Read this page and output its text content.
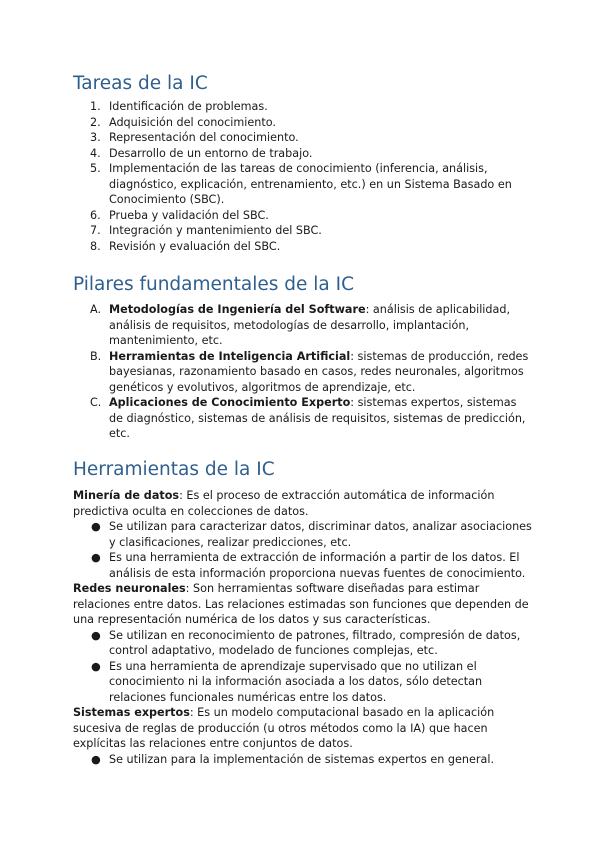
Tareas de la IC
1. Identificación de problemas.
2. Adquisición del conocimiento.
3. Representación del conocimiento.
4. Desarrollo de un entorno de trabajo.
5. Implementación de las tareas de conocimiento (inferencia, análisis, diagnóstico, explicación, entrenamiento, etc.) en un Sistema Basado en Conocimiento (SBC).
6. Prueba y validación del SBC.
7. Integración y mantenimiento del SBC.
8. Revisión y evaluación del SBC.
Pilares fundamentales de la IC
A. Metodologías de Ingeniería del Software: análisis de aplicabilidad, análisis de requisitos, metodologías de desarrollo, implantación, mantenimiento, etc.
B. Herramientas de Inteligencia Artificial: sistemas de producción, redes bayesianas, razonamiento basado en casos, redes neuronales, algoritmos genéticos y evolutivos, algoritmos de aprendizaje, etc.
C. Aplicaciones de Conocimiento Experto: sistemas expertos, sistemas de diagnóstico, sistemas de análisis de requisitos, sistemas de predicción, etc.
Herramientas de la IC
Minería de datos: Es el proceso de extracción automática de información predictiva oculta en colecciones de datos.
● Se utilizan para caracterizar datos, discriminar datos, analizar asociaciones y clasificaciones, realizar predicciones, etc.
● Es una herramienta de extracción de información a partir de los datos. El análisis de esta información proporciona nuevas fuentes de conocimiento.
Redes neuronales: Son herramientas software diseñadas para estimar relaciones entre datos. Las relaciones estimadas son funciones que dependen de una representación numérica de los datos y sus características.
● Se utilizan en reconocimiento de patrones, filtrado, compresión de datos, control adaptativo, modelado de funciones complejas, etc.
● Es una herramienta de aprendizaje supervisado que no utilizan el conocimiento ni la información asociada a los datos, sólo detectan relaciones funcionales numéricas entre los datos.
Sistemas expertos: Es un modelo computacional basado en la aplicación sucesiva de reglas de producción (u otros métodos como la IA) que hacen explícitas las relaciones entre conjuntos de datos.
● Se utilizan para la implementación de sistemas expertos en general.
